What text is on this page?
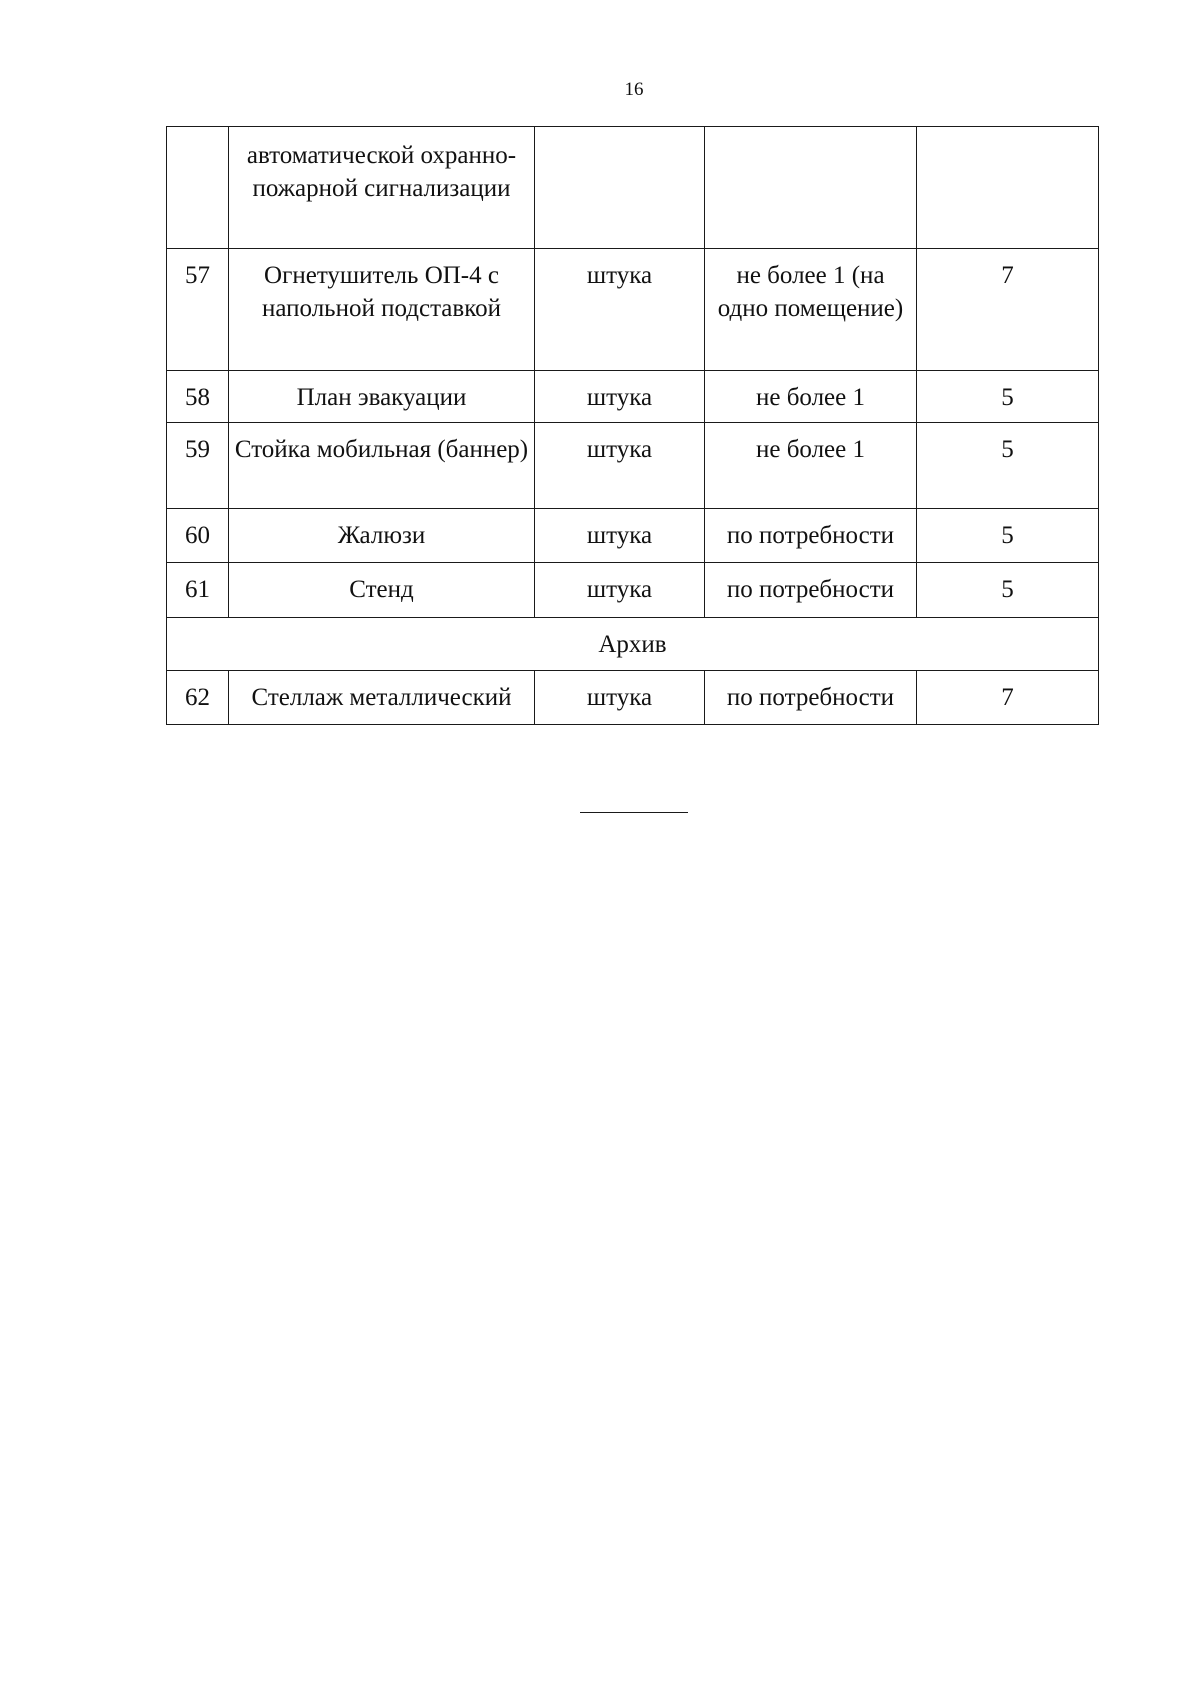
16
	автоматической охранно-пожарной сигнализации			
57	Огнетушитель ОП-4 с напольной подставкой	штука	не более 1 (на одно помещение)	7
58	План эвакуации	штука	не более 1	5
59	Стойка мобильная (баннер)	штука	не более 1	5
60	Жалюзи	штука	по потребности	5
61	Стенд	штука	по потребности	5
Архив				
62	Стеллаж металлический	штука	по потребности	7
